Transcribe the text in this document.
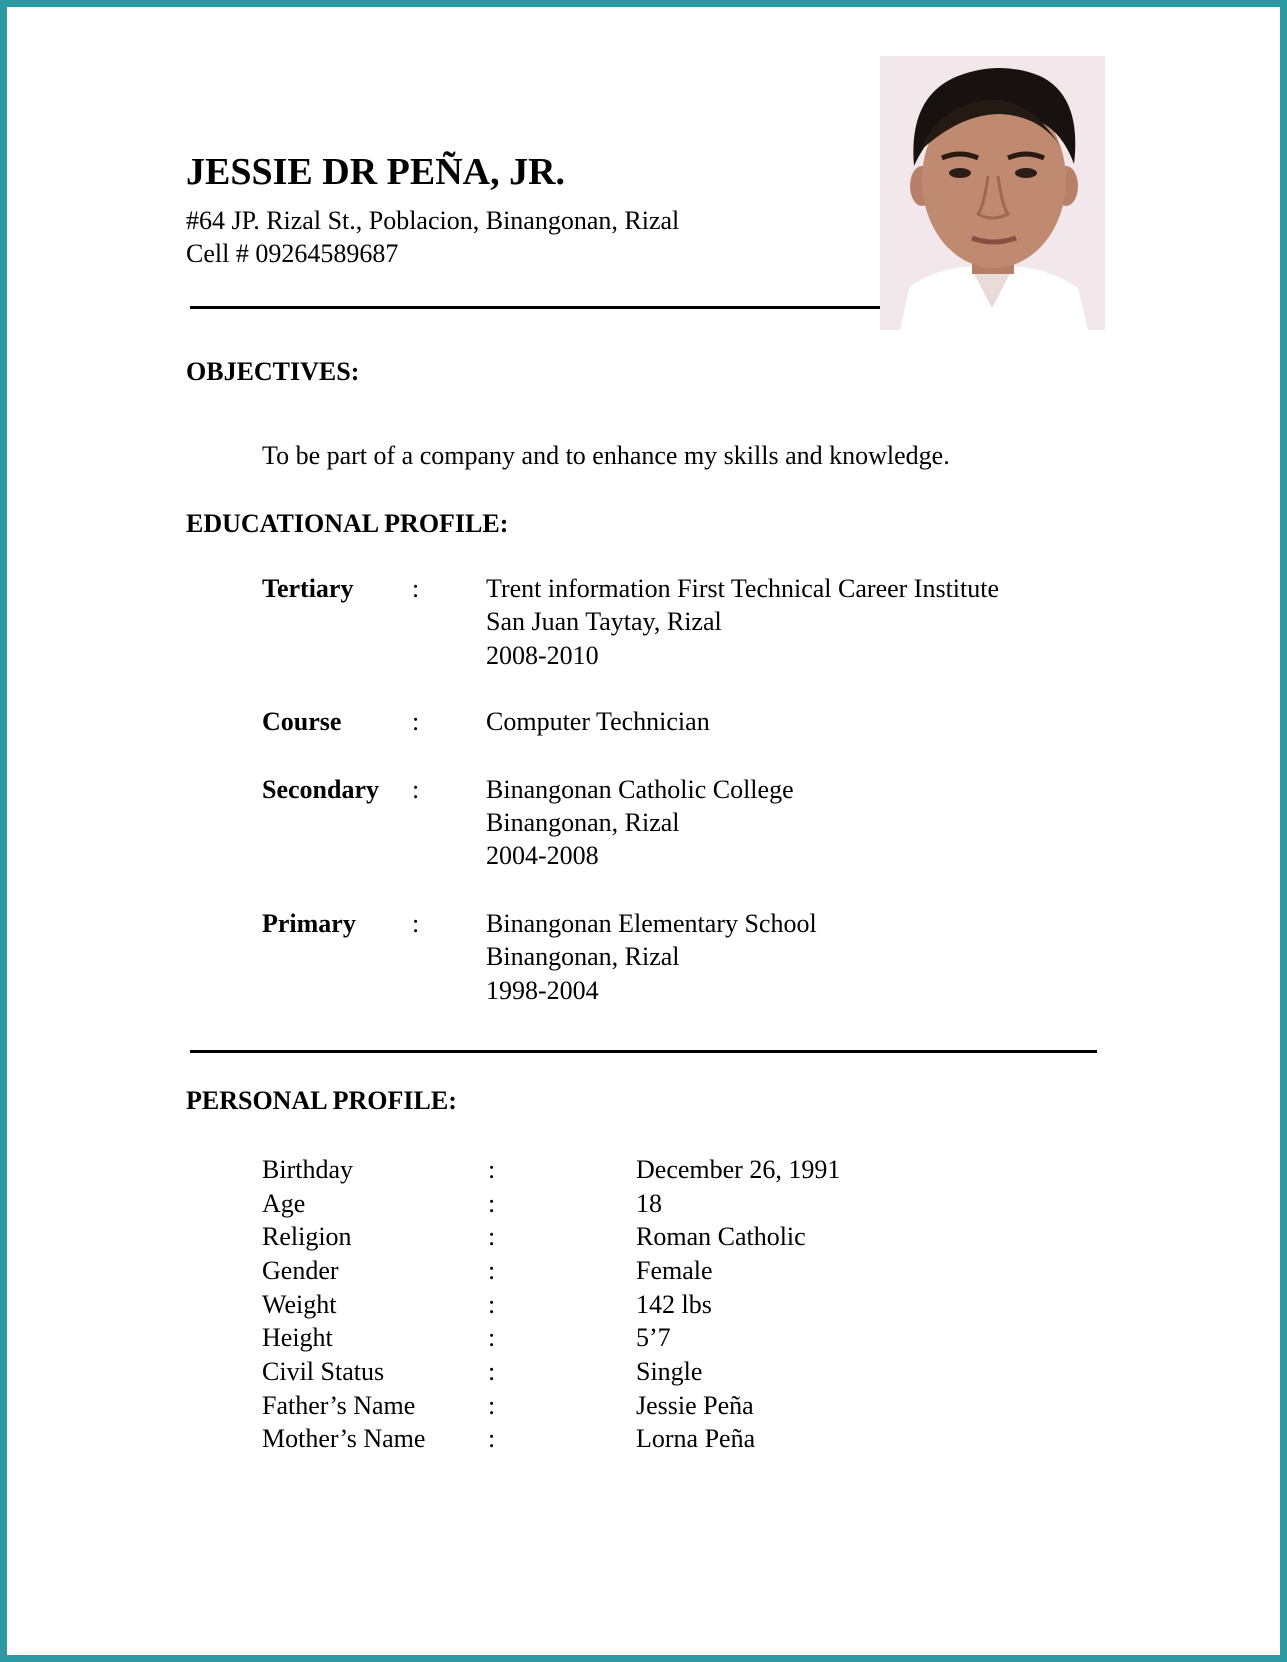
JESSIE DR PEÑA, JR.
#64 JP. Rizal St., Poblacion, Binangonan, Rizal
Cell # 09264589687
OBJECTIVES:
To be part of a company and to enhance my skills and knowledge.
EDUCATIONAL PROFILE:
Tertiary :	Trent information First Technical Career Institute
San Juan Taytay, Rizal
2008-2010
Course	:	Computer Technician
Secondary :	Binangonan Catholic College
Binangonan, Rizal
2004-2008
Primary :	Binangonan Elementary School
Binangonan, Rizal
1998-2004
PERSONAL PROFILE:
Birthday	:	December 26, 1991
Age	:	18
Religion	:	Roman Catholic
Gender	:	Female
Weight	:	142 lbs
Height	:	5’7
Civil Status	:	Single
Father’s Name	:	Jessie Peña
Mother’s Name :	Lorna Peña
